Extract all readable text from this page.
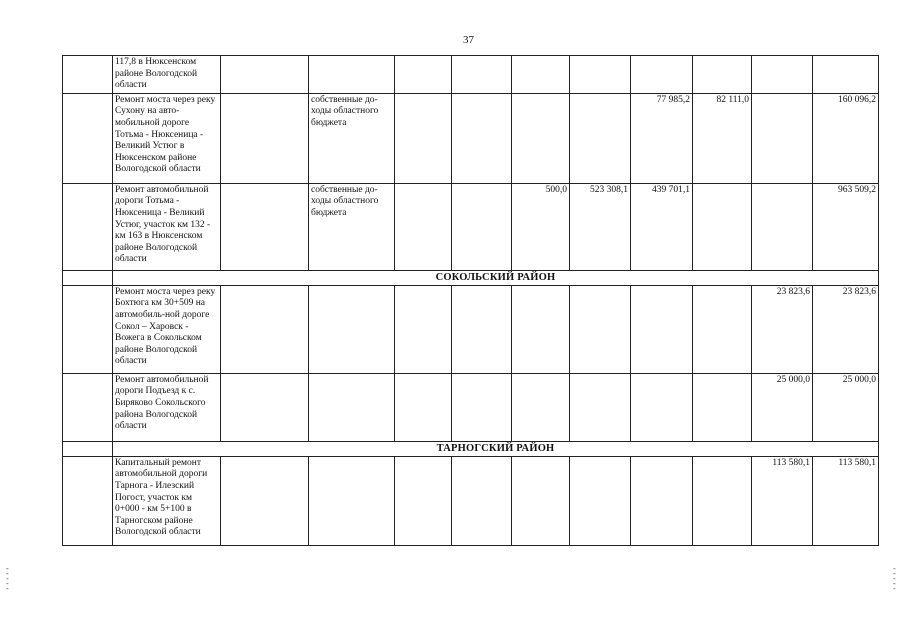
37
	117,8 в Нюксенском районе Вологодской области										
	Ремонт моста через реку Сухону на авто-мобильной дороге Тотьма - Нюксеница - Великий Устюг в Нюксенском районе Вологодской области		собственные до-ходы областного бюджета					77 985,2	82 111,0		160 096,2
	Ремонт автомобильной дороги Тотьма - Нюксеница - Великий Устюг, участок км 132 - км 163 в Нюксенском районе Вологодской области		собственные до-ходы областного бюджета			500,0	523 308,1	439 701,1			963 509,2
	СОКОЛЬСКИЙ РАЙОН										
	Ремонт моста через реку Бохтюга км 30+509 на автомобиль-ной дороге Сокол – Харовск - Вожега в Сокольском районе Вологодской области									23 823,6	23 823,6
	Ремонт автомобильной дороги Подъезд к с. Биряково Сокольского района Вологодской области									25 000,0	25 000,0
	ТАРНОГСКИЙ РАЙОН										
	Капитальный ремонт автомобильной дороги Тарнога - Илезский Погост, участок км 0+000 - км 5+100 в Тарногском районе Вологодской области									113 580,1	113 580,1
- - - - -
- - - - -
